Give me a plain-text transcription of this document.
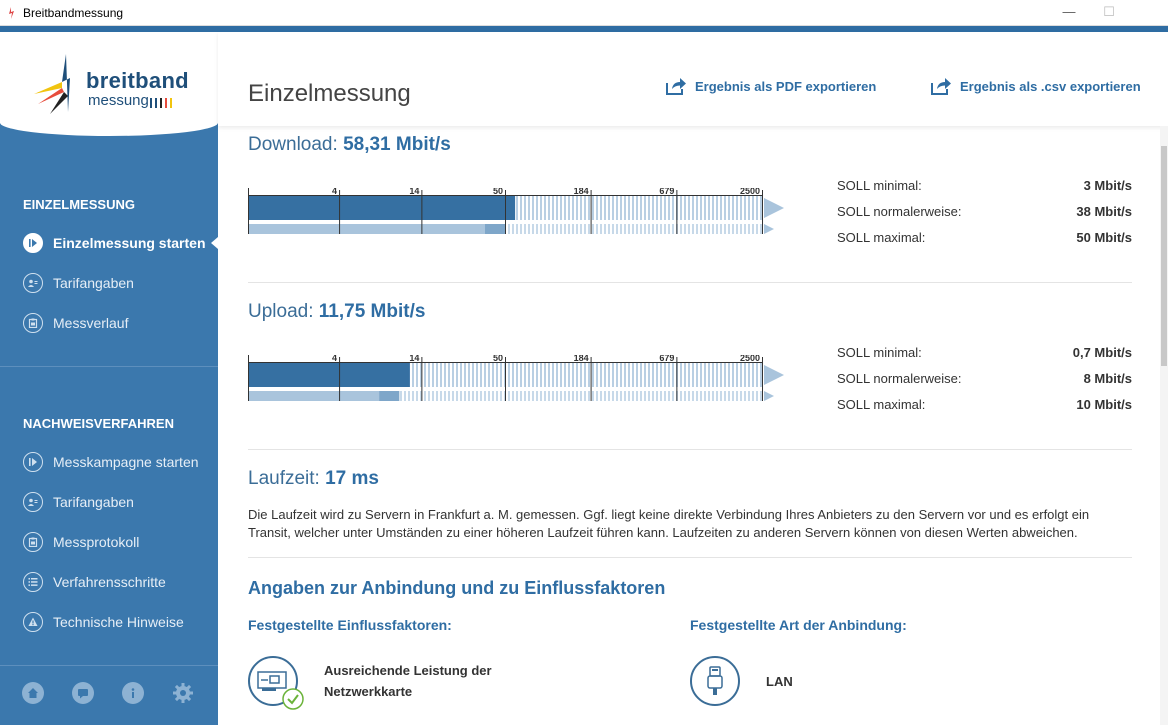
Breitbandmessung	—	☐
breitband
messung
EINZELMESSUNG
Einzelmessung starten
Tarifangaben
Messverlauf
NACHWEISVERFAHREN
Messkampagne starten
Tarifangaben
Messprotokoll
Verfahrensschritte
Technische Hinweise
Einzelmessung	Ergebnis als PDF exportieren	Ergebnis als .csv exportieren
Download: 58,31 Mbit/s
4	14	50	184	679	2500	SOLL minimal:	3 Mbit/s
SOLL normalerweise:	38 Mbit/s
SOLL maximal:	50 Mbit/s
Upload: 11,75 Mbit/s
4	14	50	184	679	2500	SOLL minimal:	0,7 Mbit/s
SOLL normalerweise:	8 Mbit/s
SOLL maximal:	10 Mbit/s
Laufzeit: 17 ms
Die Laufzeit wird zu Servern in Frankfurt a. M. gemessen. Ggf. liegt keine direkte Verbindung Ihres Anbieters zu den Servern vor und es erfolgt ein Transit, welcher unter Umständen zu einer höheren Laufzeit führen kann. Laufzeiten zu anderen Servern können von diesen Werten abweichen.
Angaben zur Anbindung und zu Einflussfaktoren
Festgestellte Einflussfaktoren:	Festgestellte Art der Anbindung:
Ausreichende Leistung der
Netzwerkkarte
LAN
